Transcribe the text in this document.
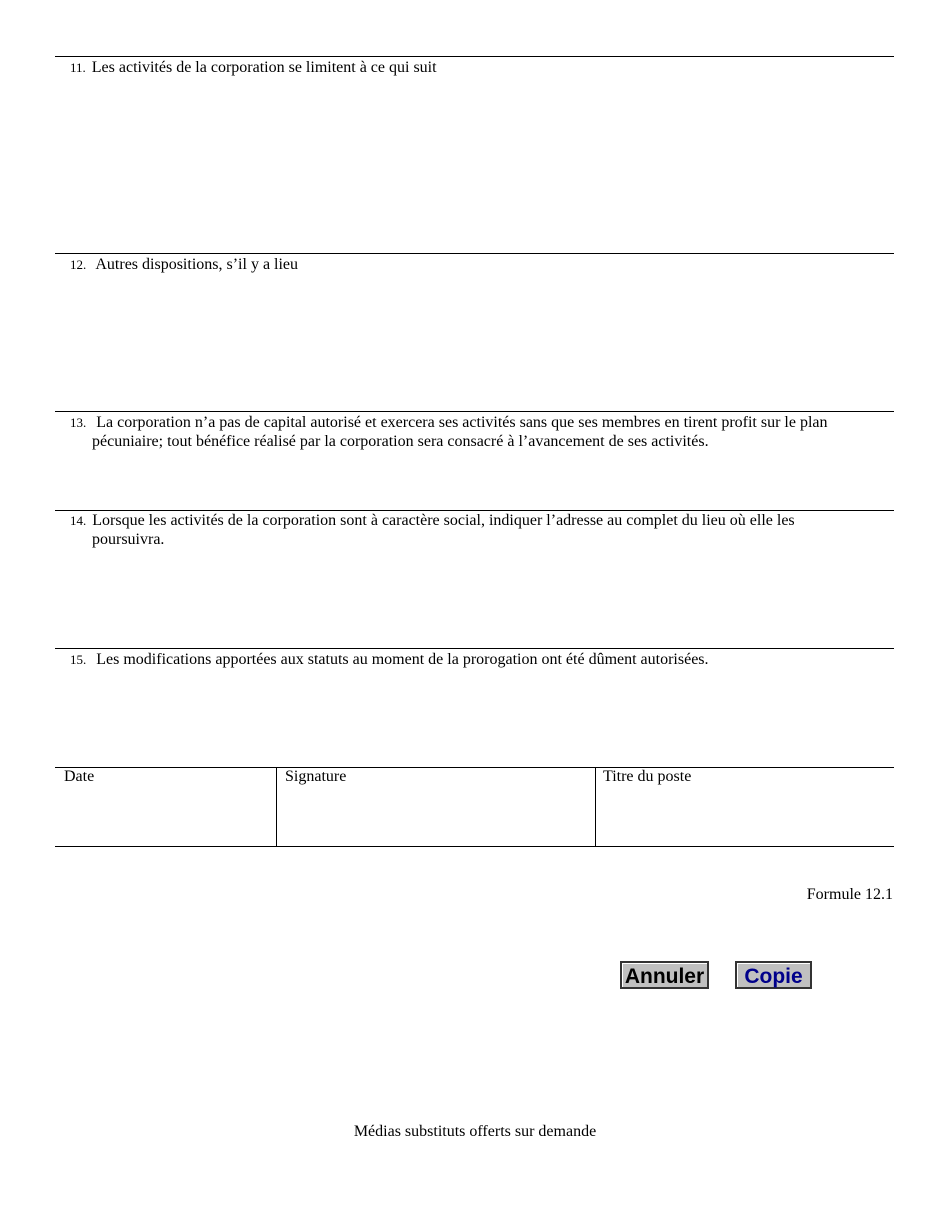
11. Les activités de la corporation se limitent à ce qui suit
12. Autres dispositions, s’il y a lieu
13. La corporation n’a pas de capital autorisé et exercera ses activités sans que ses membres en tirent profit sur le plan
pécuniaire; tout bénéfice réalisé par la corporation sera consacré à l’avancement de ses activités.
14. Lorsque les activités de la corporation sont à caractère social, indiquer l’adresse au complet du lieu où elle les
poursuivra.
15. Les modifications apportées aux statuts au moment de la prorogation ont été dûment autorisées.
Date	Signature	Titre du poste
Formule 12.1
Annuler	Copie
Médias substituts offerts sur demande
